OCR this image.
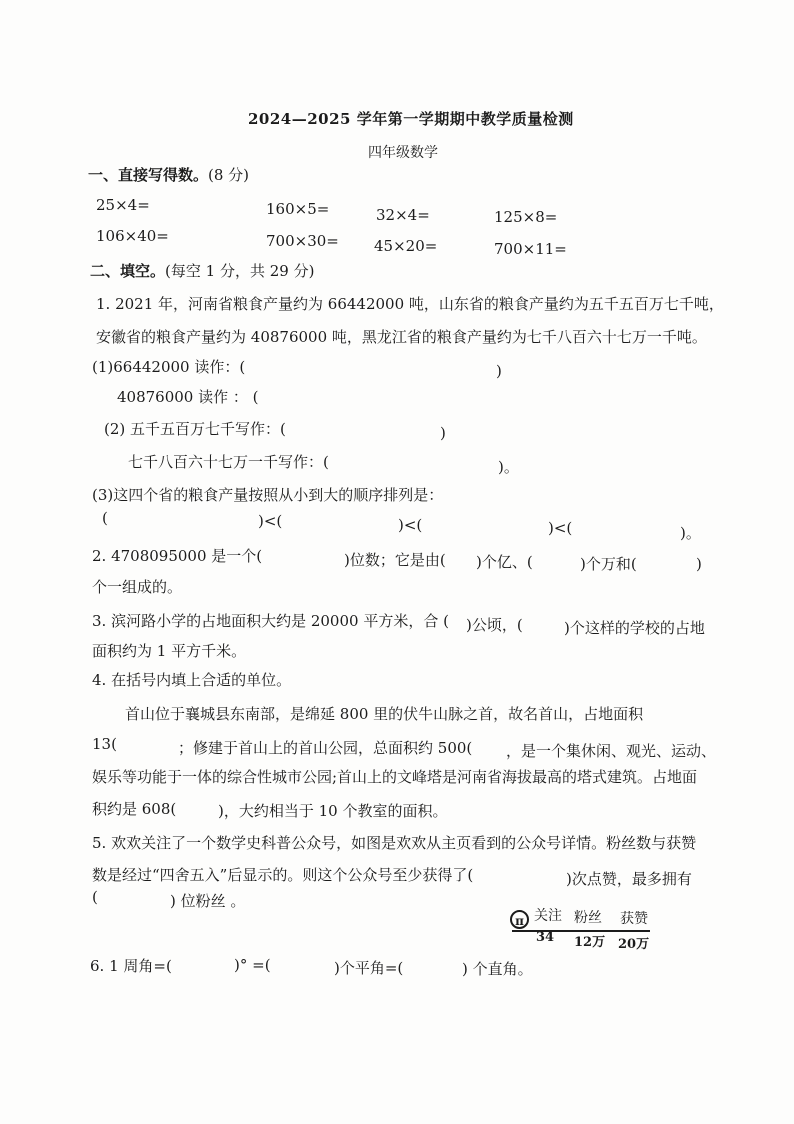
2024—2025 学年第一学期期中教学质量检测
四年级数学
一、直接写得数。(8 分)
25×4=	160×5=	32×4=	125×8=
106×40=	700×30= 45×20=	700×11=
二、填空。(每空 1 分，共 29 分)
1. 2021 年，河南省粮食产量约为 66442000 吨，山东省的粮食产量约为五千五百万七千吨，
安徽省的粮食产量约为 40876000 吨，黑龙江省的粮食产量约为七千八百六十七万一千吨。
(1)66442000 读作：(	)
40876000 读作 ： (
(2) 五千五百万七千写作：(	)
七千八百六十七万一千写作：(	)。
(3)这四个省的粮食产量按照从小到大的顺序排列是：
(	)<(	)<(	)<(	)。
2. 4708095000 是一个(	)位数；它是由( )个亿、(	)个万和(	)
个一组成的。
3. 滨河路小学的占地面积大约是 20000 平方米，合 ( )公顷，(	)个这样的学校的占地
面积约为 1 平方千米。
4. 在括号内填上合适的单位。
首山位于襄城县东南部，是绵延 800 里的伏牛山脉之首，故名首山，占地面积
13(	；修建于首山上的首山公园，总面积约 500( ，是一个集休闲、观光、运动、
娱乐等功能于一体的综合性城市公园;首山上的文峰塔是河南省海拔最高的塔式建筑。占地面
积约是 608(	)，大约相当于 10 个教室的面积。
5. 欢欢关注了一个数学史科普公众号，如图是欢欢从主页看到的公众号详情。粉丝数与获赞
数是经过“四舍五入”后显示的。则这个公众号至少获得了(	)次点赞，最多拥有
(	) 位粉丝 。
π 关注 粉丝 获赞
34 12万 20万
6. 1 周角=(	)° =(	)个平角=(	) 个直角。
